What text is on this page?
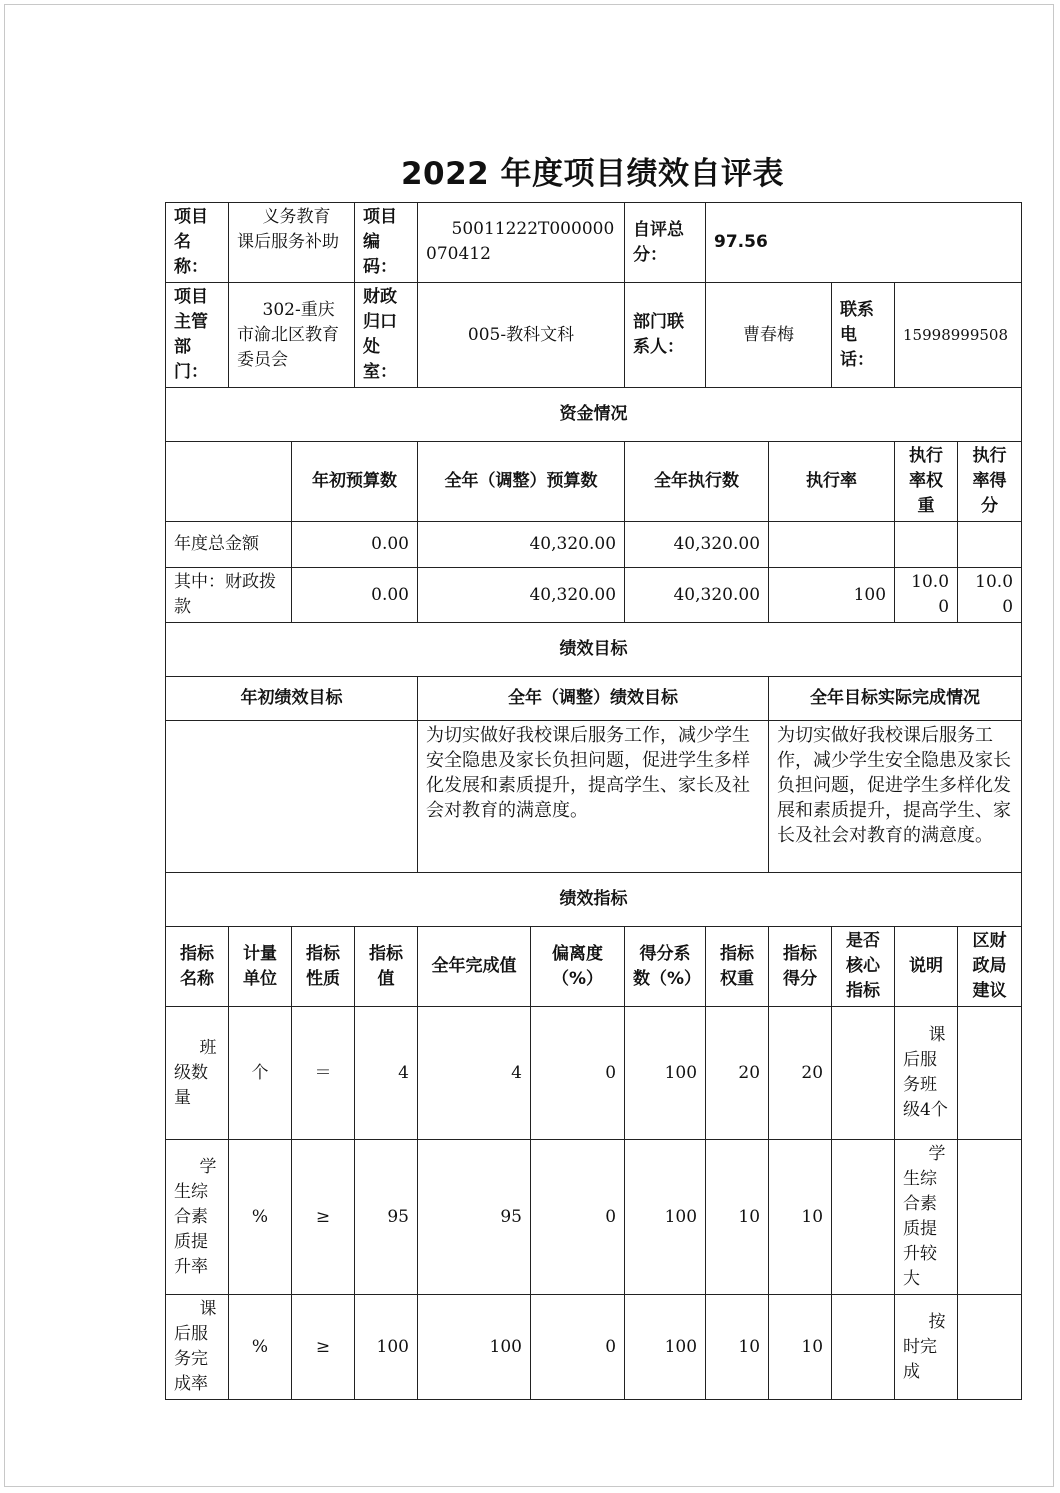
2022 年度项目绩效自评表
项目名称：	义务教育课后服务补助		项目编码：	50011222T000000070412		自评总分：	97.56				
项目主管部门：	302-重庆市渝北区教育委员会		财政归口处室：	005-教科文科		部门联系人：	曹春梅		联系电话：	15998999508	
资金情况											
		年初预算数		全年（调整）预算数		全年执行数		执行率		执行率权重	执行率得分
年度总金额		0.00		40,320.00		40,320.00					
其中：财政拨款		0.00		40,320.00		40,320.00		100		10.00	10.00
绩效目标											
年初绩效目标				全年（调整）绩效目标				全年目标实际完成情况			
				为切实做好我校课后服务工作，减少学生安全隐患及家长负担问题，促进学生多样化发展和素质提升，提高学生、家长及社会对教育的满意度。				为切实做好我校课后服务工作，减少学生安全隐患及家长负担问题，促进学生多样化发展和素质提升，提高学生、家长及社会对教育的满意度。			
绩效指标											
指标名称	计量单位	指标性质	指标值	全年完成值	偏离度（%）	得分系数（%）	指标权重	指标得分	是否核心指标	说明	区财政局建议
班级数量	个	＝	4	4	0	100	20	20		课后服务班级4个	
学生综合素质提升率	%	≥	95	95	0	100	10	10		学生综合素质提升较大	
课后服务完成率	%	≥	100	100	0	100	10	10		按时完成	
